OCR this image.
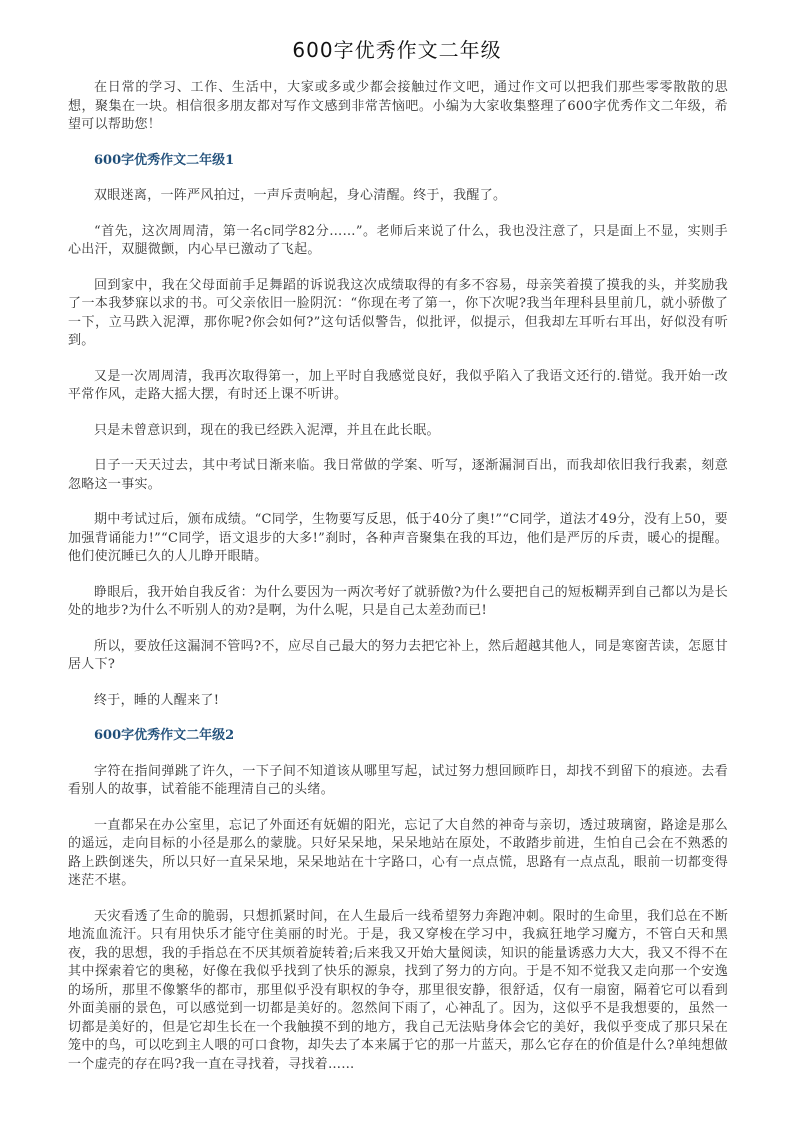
600字优秀作文二年级

在日常的学习、工作、生活中，大家或多或少都会接触过作文吧，通过作文可以把我们那些零零散散的思想，聚集在一块。相信很多朋友都对写作文感到非常苦恼吧。小编为大家收集整理了600字优秀作文二年级，希望可以帮助您！

600字优秀作文二年级1

双眼迷离，一阵严风拍过，一声斥责响起，身心清醒。终于，我醒了。

“首先，这次周周清，第一名c同学82分……”。老师后来说了什么，我也没注意了，只是面上不显，实则手心出汗，双腿微颤，内心早已激动了飞起。

回到家中，我在父母面前手足舞蹈的诉说我这次成绩取得的有多不容易，母亲笑着摸了摸我的头，并奖励我了一本我梦寐以求的书。可父亲依旧一脸阴沉：“你现在考了第一，你下次呢?我当年理科县里前几，就小骄傲了一下，立马跌入泥潭，那你呢?你会如何?”这句话似警告，似批评，似提示，但我却左耳听右耳出，好似没有听到。

又是一次周周清，我再次取得第一，加上平时自我感觉良好，我似乎陷入了我语文还行的.错觉。我开始一改平常作风，走路大摇大摆，有时还上课不听讲。

只是未曾意识到，现在的我已经跌入泥潭，并且在此长眠。

日子一天天过去，其中考试日渐来临。我日常做的学案、听写，逐渐漏洞百出，而我却依旧我行我素，刻意忽略这一事实。

期中考试过后，颁布成绩。“C同学，生物要写反思，低于40分了奥!”“C同学，道法才49分，没有上50，要加强背诵能力!”“C同学，语文退步的大多!”刹时，各种声音聚集在我的耳边，他们是严厉的斥责，暖心的提醒。他们使沉睡已久的人儿睁开眼睛。

睁眼后，我开始自我反省：为什么要因为一两次考好了就骄傲?为什么要把自己的短板糊弄到自己都以为是长处的地步?为什么不听别人的劝?是啊，为什么呢，只是自己太差劲而已!

所以，要放任这漏洞不管吗?不，应尽自己最大的努力去把它补上，然后超越其他人，同是寒窗苦读，怎愿甘居人下?

终于，睡的人醒来了!

600字优秀作文二年级2

字符在指间弹跳了许久，一下子间不知道该从哪里写起，试过努力想回顾昨日，却找不到留下的痕迹。去看看别人的故事，试着能不能理清自己的头绪。

一直都呆在办公室里，忘记了外面还有妩媚的阳光，忘记了大自然的神奇与亲切，透过玻璃窗，路途是那么的遥远，走向目标的小径是那么的蒙胧。只好呆呆地，呆呆地站在原处，不敢踏步前进，生怕自己会在不熟悉的路上跌倒迷失，所以只好一直呆呆地，呆呆地站在十字路口，心有一点点慌，思路有一点点乱，眼前一切都变得迷茫不堪。

天灾看透了生命的脆弱，只想抓紧时间，在人生最后一线希望努力奔跑冲刺。限时的生命里，我们总在不断地流血流汗。只有用快乐才能守住美丽的时光。于是，我又穿梭在学习中，我疯狂地学习魔方，不管白天和黑夜，我的思想，我的手指总在不厌其烦着旋转着;后来我又开始大量阅读，知识的能量诱惑力大大，我又不得不在其中探索着它的奥秘，好像在我似乎找到了快乐的源泉，找到了努力的方向。于是不知不觉我又走向那一个安逸的场所，那里不像繁华的都市，那里似乎没有职权的争夺，那里很安静，很舒适，仅有一扇窗，隔着它可以看到外面美丽的景色，可以感觉到一切都是美好的。忽然间下雨了，心神乱了。因为，这似乎不是我想要的，虽然一切都是美好的，但是它却生长在一个我触摸不到的地方，我自己无法贴身体会它的美好，我似乎变成了那只呆在笼中的鸟，可以吃到主人喂的可口食物，却失去了本来属于它的那一片蓝天，那么它存在的价值是什么?单纯想做一个虚壳的存在吗?我一直在寻找着，寻找着……
